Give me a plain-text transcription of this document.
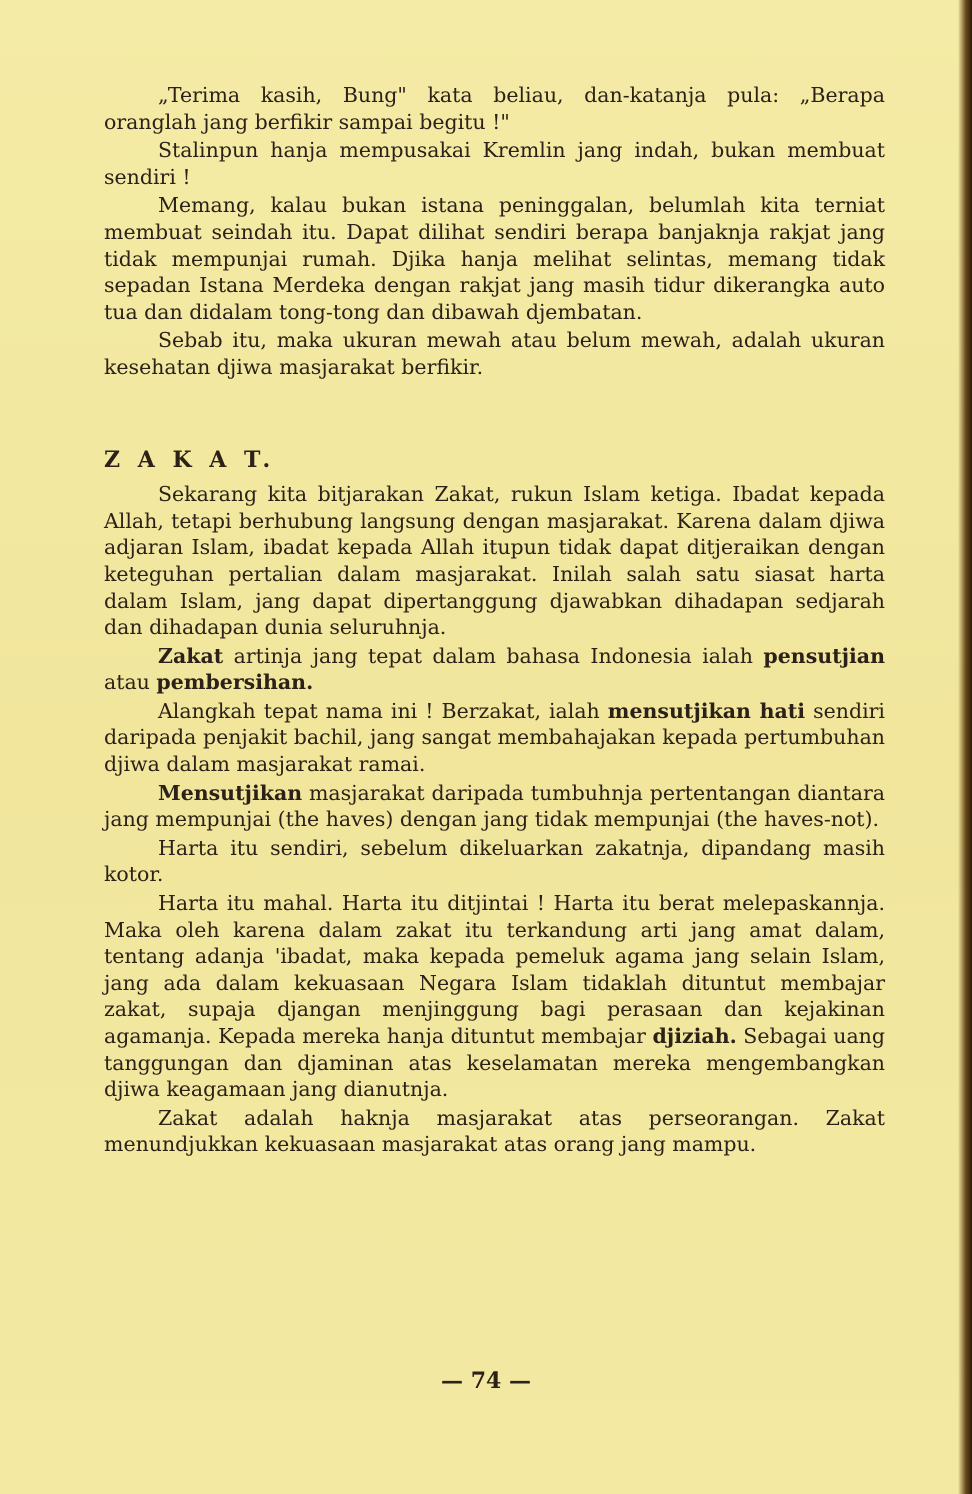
„Terima kasih, Bung" kata beliau, dan-katanja pula: „Berapa oranglah jang berfikir sampai begitu !"

Stalinpun hanja mempusakai Kremlin jang indah, bukan membuat sendiri !

Memang, kalau bukan istana peninggalan, belumlah kita terniat membuat seindah itu. Dapat dilihat sendiri berapa banjaknja rakjat jang tidak mempunjai rumah. Djika hanja melihat selintas, memang tidak sepadan Istana Merdeka dengan rakjat jang masih tidur dikerangka auto tua dan didalam tong-tong dan dibawah djembatan.

Sebab itu, maka ukuran mewah atau belum mewah, adalah ukuran kesehatan djiwa masjarakat berfikir.

Z A K A T.

Sekarang kita bitjarakan Zakat, rukun Islam ketiga. Ibadat kepada Allah, tetapi berhubung langsung dengan masjarakat. Karena dalam djiwa adjaran Islam, ibadat kepada Allah itupun tidak dapat ditjeraikan dengan keteguhan pertalian dalam masjarakat. Inilah salah satu siasat harta dalam Islam, jang dapat dipertanggung djawabkan dihadapan sedjarah dan dihadapan dunia seluruhnja.

Zakat artinja jang tepat dalam bahasa Indonesia ialah pensutjian atau pembersihan.

Alangkah tepat nama ini ! Berzakat, ialah mensutjikan hati sendiri daripada penjakit bachil, jang sangat membahajakan kepada pertumbuhan djiwa dalam masjarakat ramai.

Mensutjikan masjarakat daripada tumbuhnja pertentangan diantara jang mempunjai (the haves) dengan jang tidak mempunjai (the haves-not).

Harta itu sendiri, sebelum dikeluarkan zakatnja, dipandang masih kotor.

Harta itu mahal. Harta itu ditjintai ! Harta itu berat melepaskannja. Maka oleh karena dalam zakat itu terkandung arti jang amat dalam, tentang adanja 'ibadat, maka kepada pemeluk agama jang selain Islam, jang ada dalam kekuasaan Negara Islam tidaklah dituntut membajar zakat, supaja djangan menjinggung bagi perasaan dan kejakinan agamanja. Kepada mereka hanja dituntut membajar djiziah. Sebagai uang tanggungan dan djaminan atas keselamatan mereka mengembangkan djiwa keagamaan jang dianutnja.

Zakat adalah haknja masjarakat atas perseorangan. Zakat menundjukkan kekuasaan masjarakat atas orang jang mampu.

— 74 —
